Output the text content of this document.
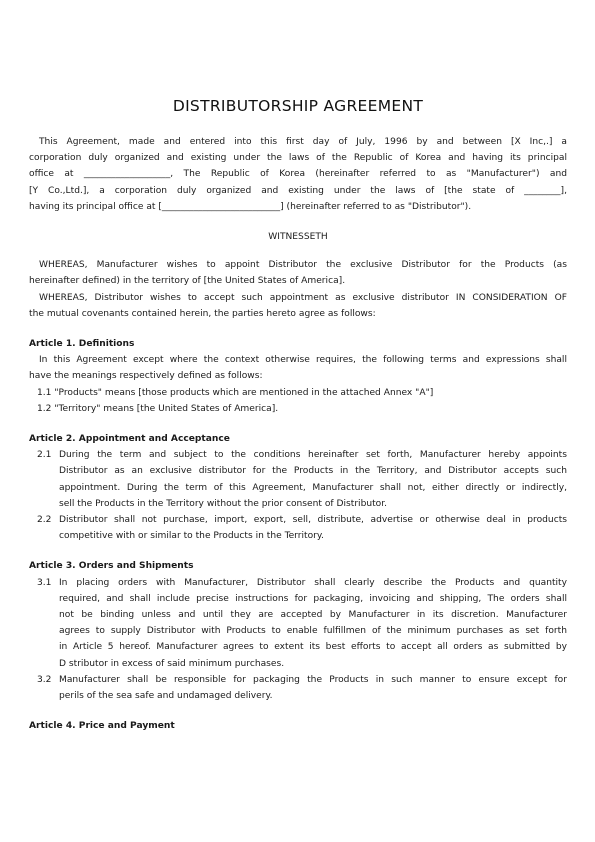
DISTRIBUTORSHIP AGREEMENT
This Agreement, made and entered into this first day of July, 1996 by and between [X Inc,.] a
corporation duly organized and existing under the laws of the Republic of Korea and having its principal
office at ___________________, The Republic of Korea (hereinafter referred to as "Manufacturer") and
[Y Co.,Ltd.], a corporation duly organized and existing under the laws of [the state of ________],
having its principal office at [__________________________] (hereinafter referred to as "Distributor").
WITNESSETH
WHEREAS, Manufacturer wishes to appoint Distributor the exclusive Distributor for the Products (as
hereinafter defined) in the territory of [the United States of America].
WHEREAS, Distributor wishes to accept such appointment as exclusive distributor IN CONSIDERATION OF
the mutual covenants contained herein, the parties hereto agree as follows:
Article 1. Definitions
In this Agreement except where the context otherwise requires, the following terms and expressions shall
have the meanings respectively defined as follows:
1.1 "Products" means [those products which are mentioned in the attached Annex "A"]
1.2 "Territory" means [the United States of America].
Article 2. Appointment and Acceptance
2.1 During the term and subject to the conditions hereinafter set forth, Manufacturer hereby appoints
Distributor as an exclusive distributor for the Products in the Territory, and Distributor accepts such
appointment. During the term of this Agreement, Manufacturer shall not, either directly or indirectly,
sell the Products in the Territory without the prior consent of Distributor.
2.2 Distributor shall not purchase, import, export, sell, distribute, advertise or otherwise deal in products
competitive with or similar to the Products in the Territory.
Article 3. Orders and Shipments
3.1 In placing orders with Manufacturer, Distributor shall clearly describe the Products and quantity
required, and shall include precise instructions for packaging, invoicing and shipping, The orders shall
not be binding unless and until they are accepted by Manufacturer in its discretion. Manufacturer
agrees to supply Distributor with Products to enable fulfillmen of the minimum purchases as set forth
in Article 5 hereof. Manufacturer agrees to extent its best efforts to accept all orders as submitted by
D stributor in excess of said minimum purchases.
3.2 Manufacturer shall be responsible for packaging the Products in such manner to ensure except for
perils of the sea safe and undamaged delivery.
Article 4. Price and Payment
